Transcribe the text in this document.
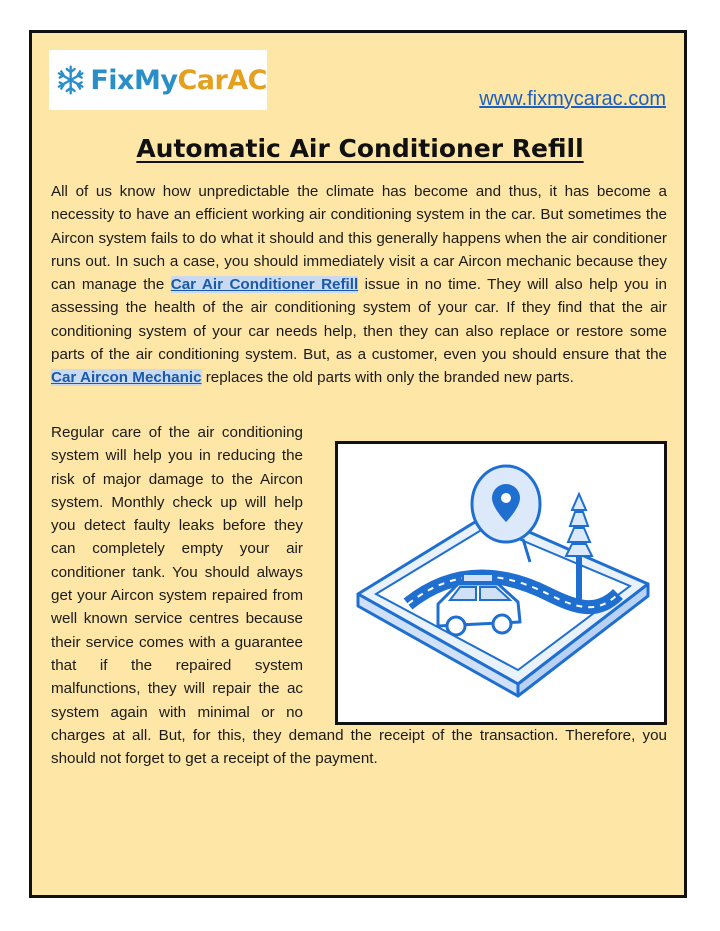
FixMyCarAC
www.fixmycarac.com
Automatic Air Conditioner Refill

All of us know how unpredictable the climate has become and thus, it has become a necessity to have an efficient working air conditioning system in the car. But sometimes the Aircon system fails to do what it should and this generally happens when the air conditioner runs out. In such a case, you should immediately visit a car Aircon mechanic because they can manage the Car Air Conditioner Refill issue in no time. They will also help you in assessing the health of the air conditioning system of your car. If they find that the air conditioning system of your car needs help, then they can also replace or restore some parts of the air conditioning system. But, as a customer, even you should ensure that the Car Aircon Mechanic replaces the old parts with only the branded new parts.

Regular care of the air conditioning system will help you in reducing the risk of major damage to the Aircon system. Monthly check up will help you detect faulty leaks before they can completely empty your air conditioner tank. You should always get your Aircon system repaired from well known service centres because their service comes with a guarantee that if the repaired system malfunctions, they will repair the ac system again with minimal or no charges at all. But, for this, they demand the receipt of the transaction. Therefore, you should not forget to get a receipt of the payment.
